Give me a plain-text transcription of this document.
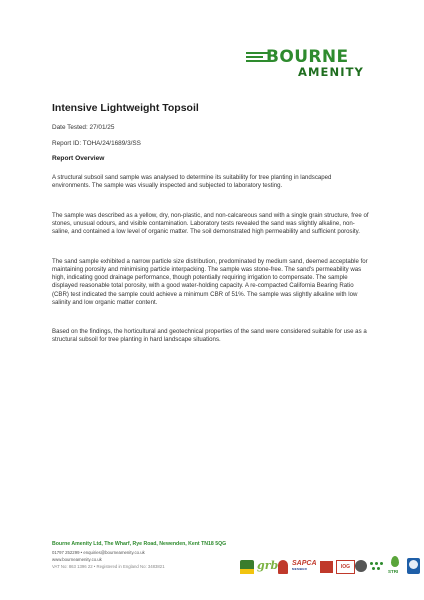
BOURNE
AMENITY
Intensive Lightweight Topsoil
Date Tested: 27/01/25
Report ID: TOHA/24/1689/3/SS
Report Overview

A structural subsoil sand sample was analysed to determine its suitability for tree planting in landscaped environments. The sample was visually inspected and subjected to laboratory testing.

The sample was described as a yellow, dry, non-plastic, and non-calcareous sand with a single grain structure, free of stones, unusual odours, and visible contamination. Laboratory tests revealed the sand was slightly alkaline, non-saline, and contained a low level of organic matter. The soil demonstrated high permeability and sufficient porosity.

The sand sample exhibited a narrow particle size distribution, predominated by medium sand, deemed acceptable for maintaining porosity and minimising particle interpacking. The sample was stone-free. The sand's permeability was high, indicating good drainage performance, though potentially requiring irrigation to compensate. The sample displayed reasonable total porosity, with a good water-holding capacity. A re-compacted California Bearing Ratio (CBR) test indicated the sample could achieve a minimum CBR of 51%. The sample was slightly alkaline with low salinity and low organic matter content.

Based on the findings, the horticultural and geotechnical properties of the sand were considered suitable for use as a structural subsoil for tree planting in hard landscape situations.

Bourne Amenity Ltd, The Wharf, Rye Road, Newenden, Kent TN18 5QG
01797 252299 • enquiries@bourneamenity.co.uk
www.bourneamenity.co.uk
VAT No: 863 1396 22 • Registered in England No: 3483821	grb SAPCA
MEMBER	IOG
STRI
